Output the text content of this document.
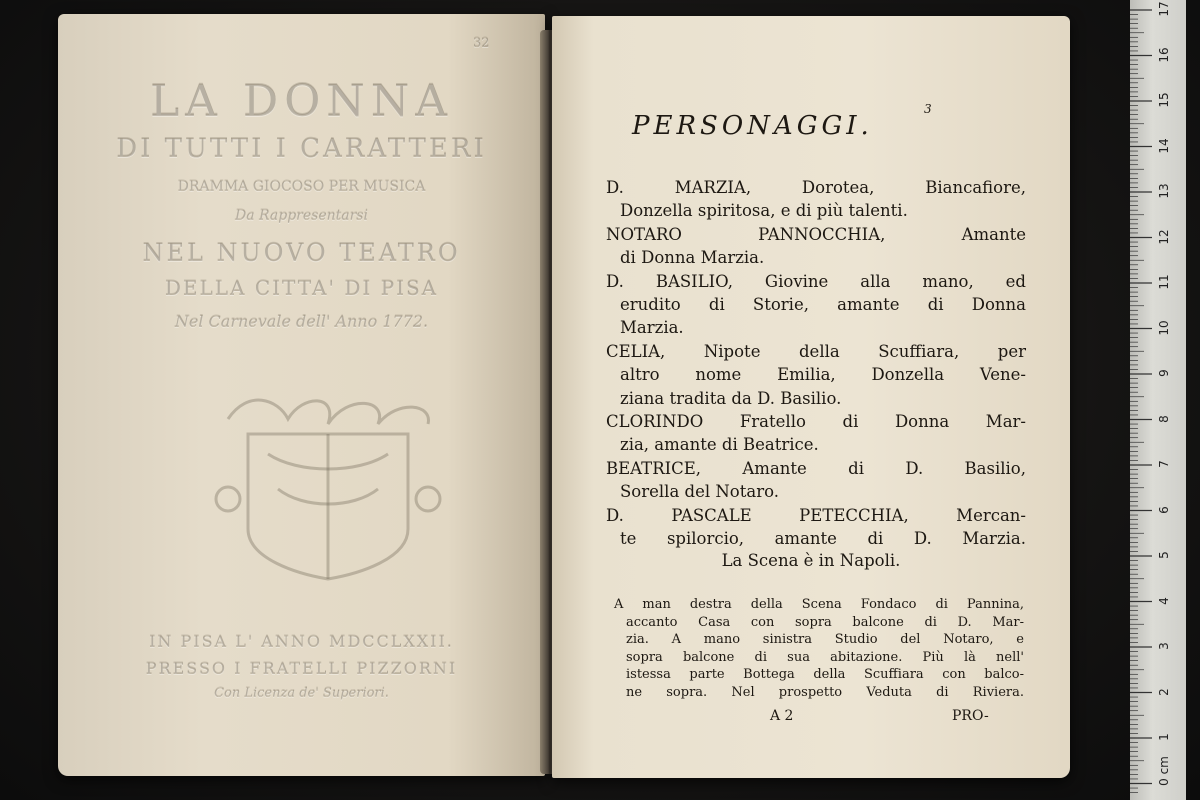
32
LA DONNA
DI TUTTI I CARATTERI
DRAMMA GIOCOSO PER MUSICA
Da Rappresentarsi
NEL NUOVO TEATRO
DELLA CITTA' DI PISA
Nel Carnevale dell' Anno 1772.
IN PISA L' ANNO MDCCLXXII.
PRESSO I FRATELLI PIZZORNI
Con Licenza de' Superiori.
PERSONAGGI.
3
D. MARZIA, Dorotea, Biancafiore,
Donzella spiritosa, e di più talenti.
NOTARO PANNOCCHIA, Amante
di Donna Marzia.
D. BASILIO, Giovine alla mano, ed
erudito di Storie, amante di Donna
Marzia.
CELIA, Nipote della Scuffiara, per
altro nome Emilia, Donzella Vene-
ziana tradita da D. Basilio.
CLORINDO Fratello di Donna Mar-
zia, amante di Beatrice.
BEATRICE, Amante di D. Basilio,
Sorella del Notaro.
D. PASCALE PETECCHIA, Mercan-
te spilorcio, amante di D. Marzia.
La Scena è in Napoli.
A man destra della Scena Fondaco di Pannina,
accanto Casa con sopra balcone di D. Mar-
zia. A mano sinistra Studio del Notaro, e
sopra balcone di sua abitazione. Più là nell'
istessa parte Bottega della Scuffiara con balco-
ne sopra. Nel prospetto Veduta di Riviera.
A 2	PRO-
17
16
15
14
13
12
11
10
9
8
7
6
5
4
3
2
1
0 cm
